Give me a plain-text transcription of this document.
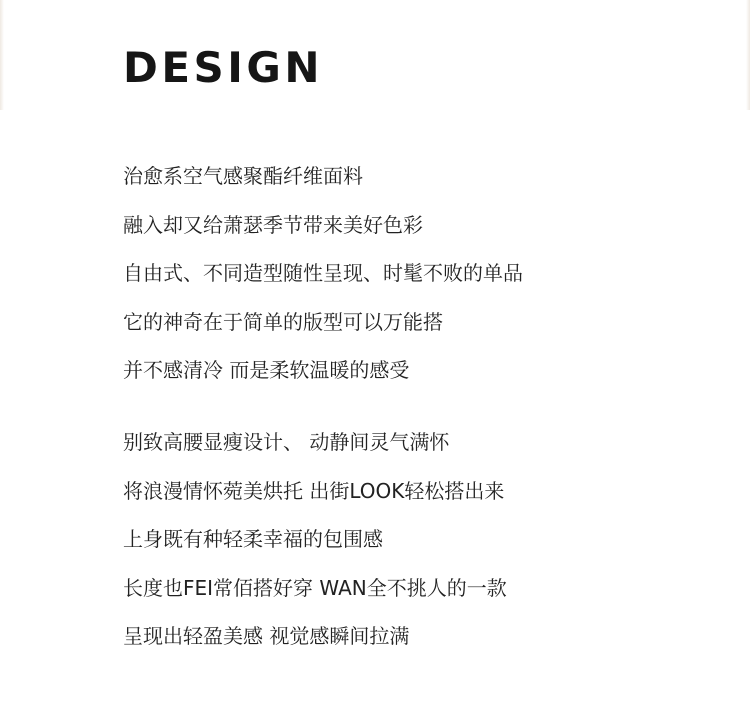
DESIGN
治愈系空气感聚酯纤维面料
融入却又给萧瑟季节带来美好色彩
自由式、不同造型随性呈现、时髦不败的单品
它的神奇在于简单的版型可以万能搭
并不感清冷 而是柔软温暖的感受
别致高腰显瘦设计、 动静间灵气满怀
将浪漫情怀菀美烘托 出街LOOK轻松搭出来
上身既有种轻柔幸福的包围感
长度也FEI常佰搭好穿 WAN全不挑人的一款
呈现出轻盈美感 视觉感瞬间拉满
